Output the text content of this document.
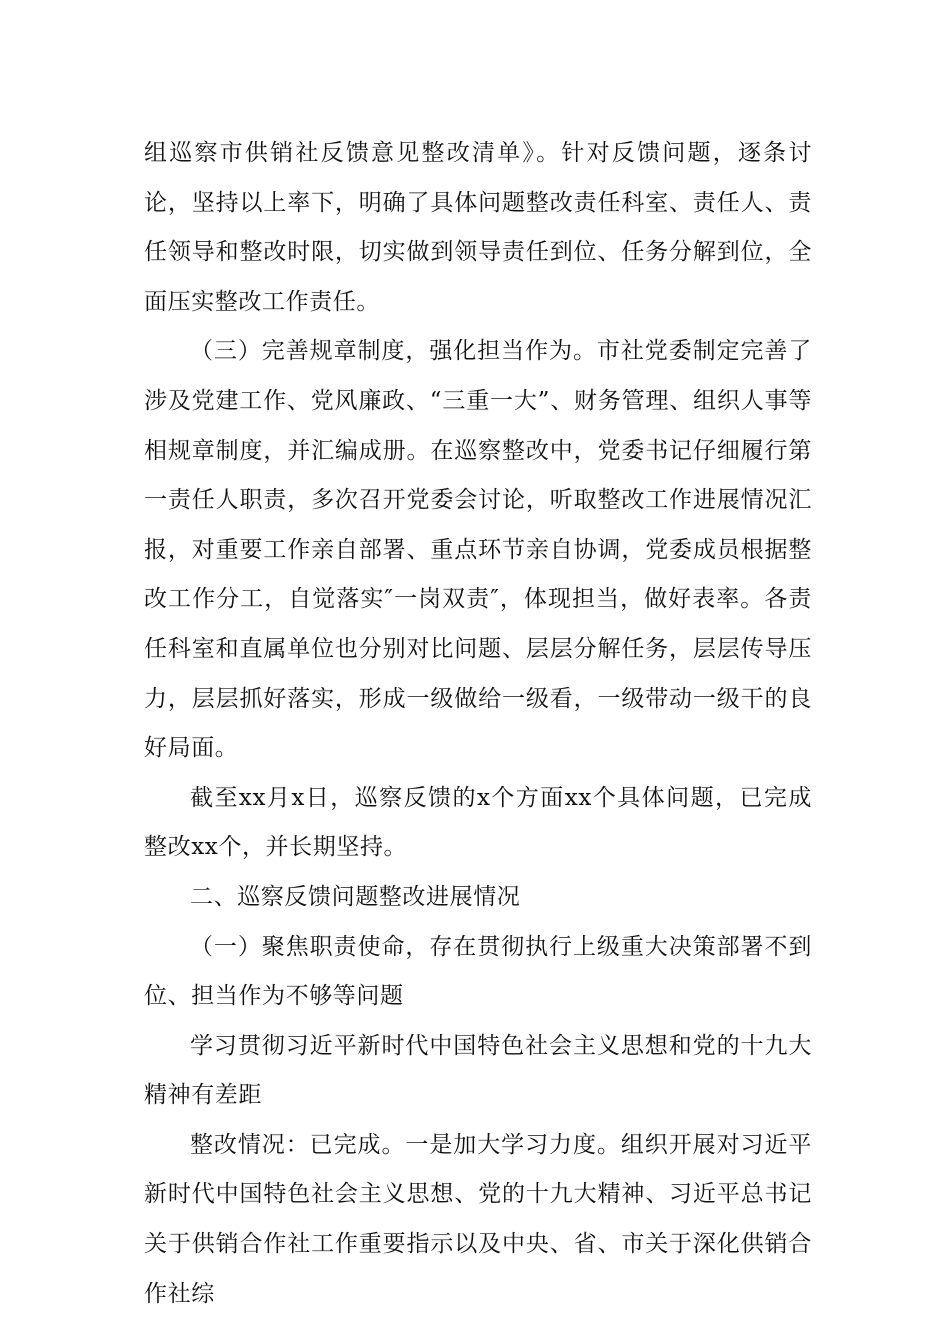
组巡察市供销社反馈意见整改清单》。针对反馈问题，逐条讨论，坚持以上率下，明确了具体问题整改责任科室、责任人、责任领导和整改时限，切实做到领导责任到位、任务分解到位，全面压实整改工作责任。

（三）完善规章制度，强化担当作为。市社党委制定完善了涉及党建工作、党风廉政、“三重一大”、财务管理、组织人事等相规章制度，并汇编成册。在巡察整改中，党委书记仔细履行第一责任人职责，多次召开党委会讨论，听取整改工作进展情况汇报，对重要工作亲自部署、重点环节亲自协调，党委成员根据整改工作分工，自觉落实″一岗双责″，体现担当，做好表率。各责任科室和直属单位也分别对比问题、层层分解任务，层层传导压力，层层抓好落实，形成一级做给一级看，一级带动一级干的良好局面。

截至xx月x日，巡察反馈的x个方面xx个具体问题，已完成整改xx个，并长期坚持。

二、巡察反馈问题整改进展情况

（一）聚焦职责使命，存在贯彻执行上级重大决策部署不到位、担当作为不够等问题

学习贯彻习近平新时代中国特色社会主义思想和党的十九大精神有差距

整改情况：已完成。一是加大学习力度。组织开展对习近平新时代中国特色社会主义思想、党的十九大精神、习近平总书记关于供销合作社工作重要指示以及中央、省、市关于深化供销合作社综
